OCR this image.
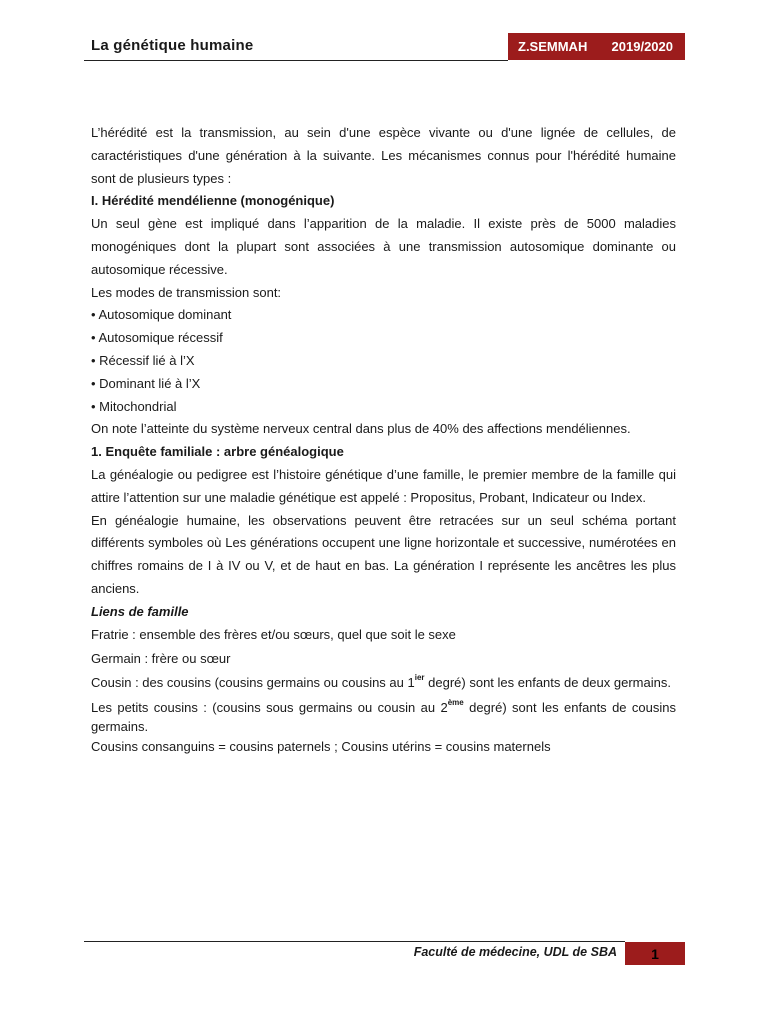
La génétique humaine	Z.SEMMAH 2019/2020

L’hérédité est la transmission, au sein d'une espèce vivante ou d'une lignée de cellules, de caractéristiques d'une génération à la suivante. Les mécanismes connus pour l'hérédité humaine sont de plusieurs types :

I. Hérédité mendélienne (monogénique)

Un seul gène est impliqué dans l’apparition de la maladie. Il existe près de 5000 maladies monogéniques dont la plupart sont associées à une transmission autosomique dominante ou autosomique récessive.

Les modes de transmission sont:

• Autosomique dominant

• Autosomique récessif

• Récessif lié à l’X

• Dominant lié à l’X

• Mitochondrial

On note l’atteinte du système nerveux central dans plus de 40% des affections mendéliennes.

1. Enquête familiale : arbre généalogique

La généalogie ou pedigree est l’histoire génétique d’une famille, le premier membre de la famille qui attire l’attention sur une maladie génétique est appelé : Propositus, Probant, Indicateur ou Index.

En généalogie humaine, les observations peuvent être retracées sur un seul schéma portant différents symboles où Les générations occupent une ligne horizontale et successive, numérotées en chiffres romains de I à IV ou V, et de haut en bas. La génération I représente les ancêtres les plus anciens.

Liens de famille

Fratrie : ensemble des frères et/ou sœurs, quel que soit le sexe

Germain : frère ou sœur

Cousin : des cousins (cousins germains ou cousins au $1^{ier}$ degré) sont les enfants de deux germains.

Les petits cousins : (cousins sous germains ou cousin au 2ème degré) sont les enfants de cousins germains.

Cousins consanguins = cousins paternels ; Cousins utérins = cousins maternels

Faculté de médecine, UDL de SBA	1
